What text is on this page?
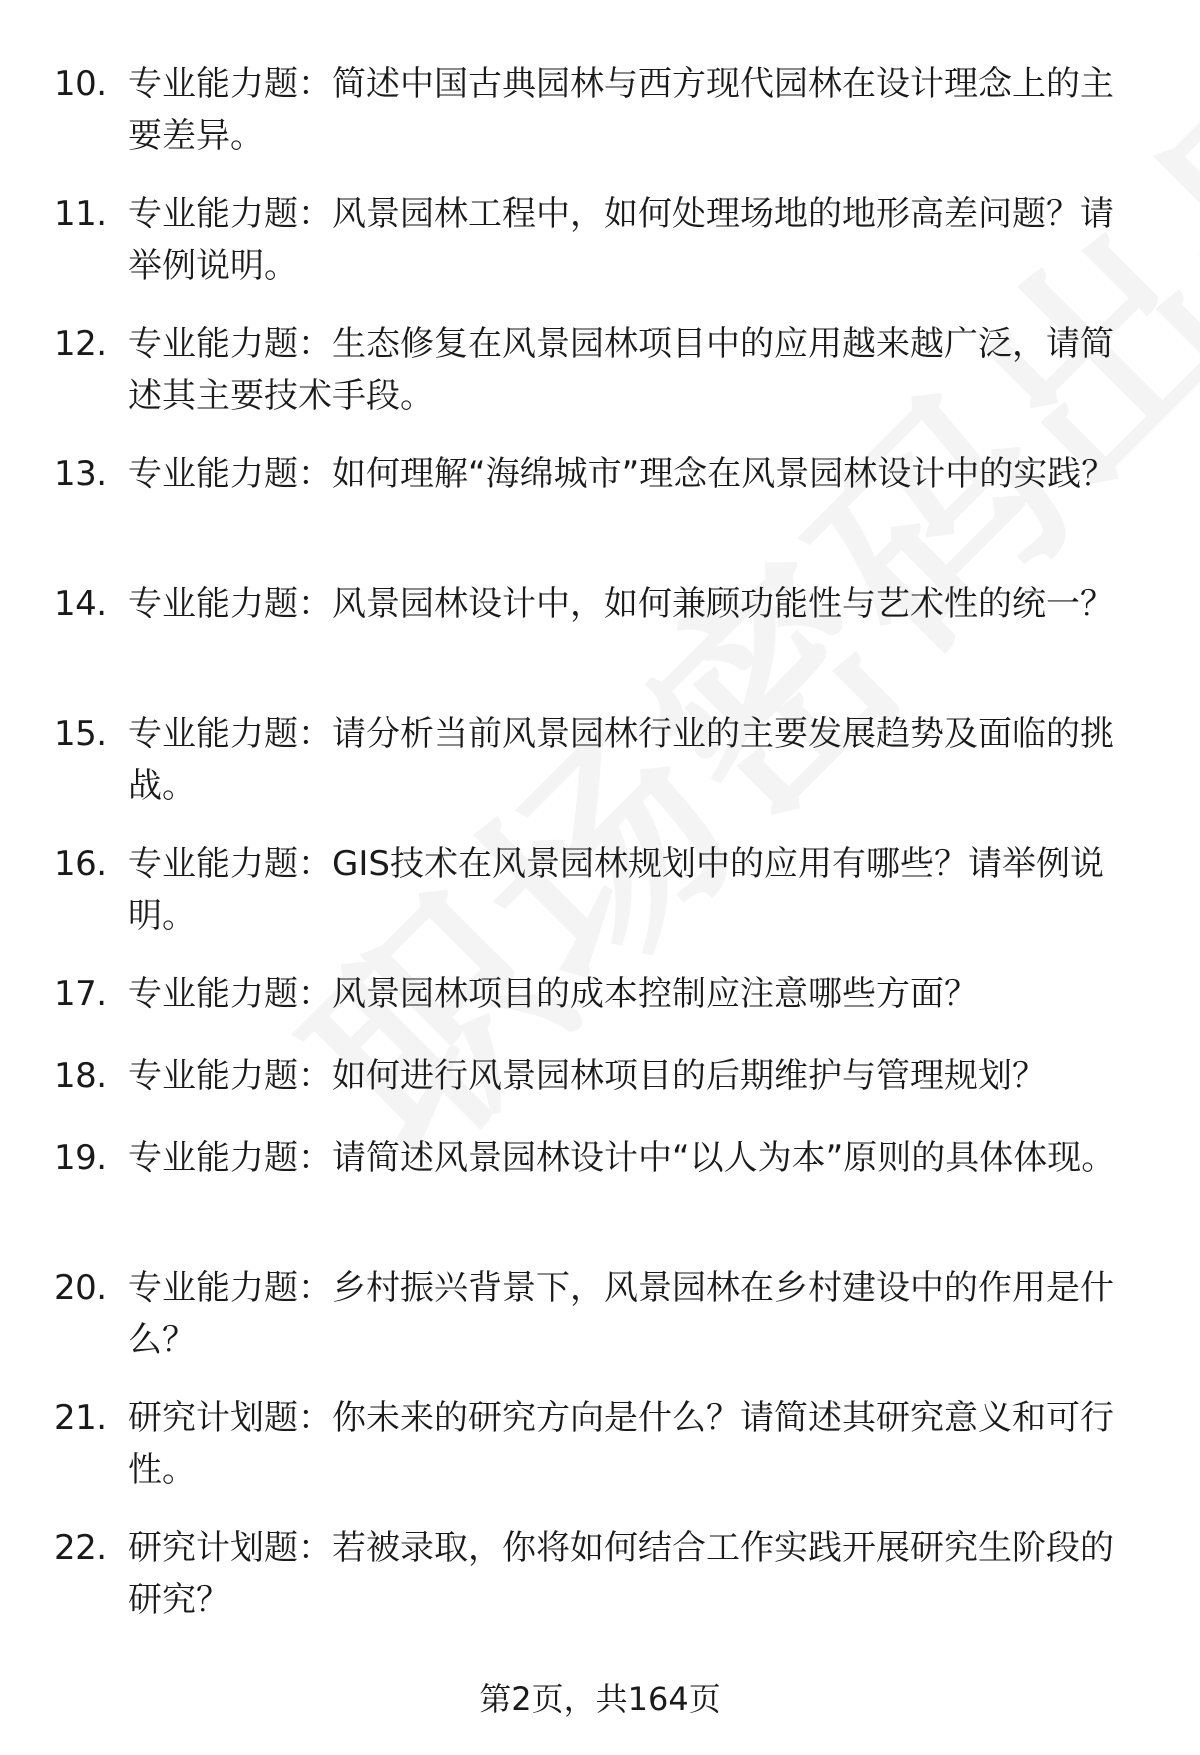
10. 专业能力题：简述中国古典园林与西方现代园林在设计理念上的主要差异。
11. 专业能力题：风景园林工程中，如何处理场地的地形高差问题？请举例说明。
12. 专业能力题：生态修复在风景园林项目中的应用越来越广泛，请简述其主要技术手段。
13. 专业能力题：如何理解“海绵城市”理念在风景园林设计中的实践？
14. 专业能力题：风景园林设计中，如何兼顾功能性与艺术性的统一？
15. 专业能力题：请分析当前风景园林行业的主要发展趋势及面临的挑战。
16. 专业能力题：GIS技术在风景园林规划中的应用有哪些？请举例说明。
17. 专业能力题：风景园林项目的成本控制应注意哪些方面？
18. 专业能力题：如何进行风景园林项目的后期维护与管理规划？
19. 专业能力题：请简述风景园林设计中“以人为本”原则的具体体现。
20. 专业能力题：乡村振兴背景下，风景园林在乡村建设中的作用是什么？
21. 研究计划题：你未来的研究方向是什么？请简述其研究意义和可行性。
22. 研究计划题：若被录取，你将如何结合工作实践开展研究生阶段的研究？
第2页，共164页
